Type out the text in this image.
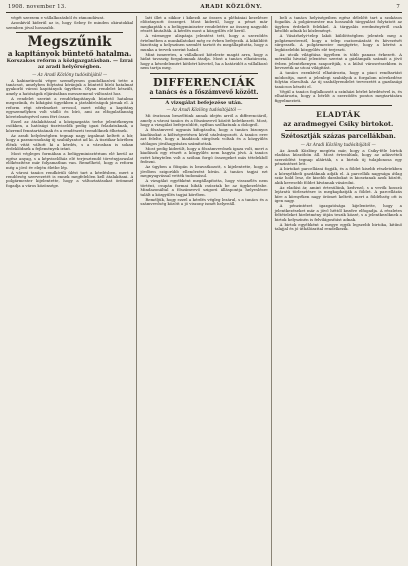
1908. november 13.	ARADI KÖZLÖNY.	7

végét szerzem e vállalkozásból és rámondáwat.

Azonkívül kiderül az is, hogy Sebey fe minden okiratokkal szemben jóval hosszabb.

Megszűnik
a kapitányok büntető hatalma.
Korszakos reform a közigazgatásban. — Izrai az aradi helyőrségben.
— Az Aradi Közlöny tudósítójától —

A kabinetirodá végre személyesen gondolkozóvá tette a tanácsot, amelyben folytatni kívánjuk a büntető bírói hatalmat gyakorló városi kapitányok ügyében. Olyan rendelet készült, amely a hatóságok eljárásában messzemenő változást hoz.

A rendelet szerint a rendőrkapitányok büntető hatalma megszűnik, és kihágási ügyekben a járásbíróságok járnak el. A reform régi sérelmeket orvosol, mert eddig a kapitány egyszemélyben volt vádló és bíró, ami az elfogulatlanság követelményével nem fért össze.

Ezzel az átalakítással a közigazgatás terhe jelentékenyen csökken, a hatósági tisztviselők pedig igazi feladatuknak, a közrend fenntartásának és a rendészeti teendőknek élhetnek.

Az aradi helyőrségben tegnap nagy izgalmat keltett a hír, hogy a parancsnokság új szabályzatot ad ki. A tisztikar körében élénk vitát váltott ki a kérdés, s a városban is sokan érdeklődnek a fejlemények iránt.

Most végleges formában a belügyminisztérium elé kerül az egész anyag, s a képviselőház elé terjesztendő törvényjavaslat előkészítése már folyamatban van. Remélhető, hogy a reform még a jövő év elején életbe lép.

A városi tanács rendkívüli ülést tart a kérdésben, mert a rendőrség szervezetét is ennek megfelelően kell átalakítani. A polgármester kijelentette, hogy a változtatásokat örömmel fogadja a város közönsége.

latt illet a sikkor i kikezdi az összes a plébániai kezelésre előirányzott összeget. Most kiderül, hogy a pénzt már megkapták s a belügyminiszter rendeletére az összeg nagyobb részét kiutalták. A kérdés most a közgyűlés elé kerül.

A vármegye alispánja jelentést tett, hogy a szerződés értelmében a munkálatokat még ez évben befejezik. A kiküldött bizottság a helyszínen szemlét tartott és megállapította, hogy a munka a tervek szerint halad.

Mint ismeretes, a vállalkozó kötelezte magát arra, hogy a hidat tavaszig forgalomnak átadja. Most a tanács elhatározta, hogy a késedelemért kötbért követel, ha a határidőt a vállalkozó nem tartja meg.

DIFFERENCIÁK
a tanács és a főszámvevő között.
A vizsgálat befejezése után.
— Az Aradi Közlöny tudósítójától —

Mi óvatosan beszéltünk annak idején arról a differenciáról, amely a városi tanács és a főszámvevő között keletkezett. Most, hogy a vizsgálat befejeződött, nyíltan szólhatunk a dologról.

A főszámvevő ugyanis kifogásolta, hogy a tanács bizonyos kiadásokat a költségvetésen kívül utalványozott. A tanács erre azt felelte, hogy a kiadások sürgősek voltak és a közgyűlés utólagos jóváhagyására számítottak.

Most pedig kiderült, hogy a főszámvevőnek igaza volt, mert a kiadások egy részét a közgyűlés nem hagyta jóvá. A tanács ezért kénytelen volt a szóban forgó összegeket más tételekből fedezni.

Az ügyben a főispán is beavatkozott, s kijelentette, hogy a jövőben szigorúbb ellenőrzést kíván. A tanács tagjai ezt megnyugvással vették tudomásul.

A vizsgálat egyébként megállapította, hogy visszaélés nem történt, csupán formai hibák csúsztak be az ügykezelésbe. Mindazonáltal a főszámvevő szigorú álláspontja helyeslésre talált a közgyűlés tagjai körében.

Reméljük, hogy ezzel a kérdés végleg lezárul, s a tanács és a számvevőség között a jó viszony ismét helyreáll.

beli a tanács helyiségeiben egész délelőtt tart a szokásos fogadás. A polgármester ma hosszabb tárgyalást folytatott az ügyben érdekelt felekkel. A tárgyalás eredményéről csak később adnak ki közleményt.

A Vásárhelyi-telep lakói küldöttségben jelentek meg a polgármesternél, hogy a telep csatornázását és kövezését sürgessék. A polgármester megígérte, hogy a kérést a legközelebbi közgyűlés elé terjeszti.

Az utcák világítása ügyében is több panasz érkezett. A mérnöki hivatal jelentése szerint a gázlámpák számát a jövő évben jelentékenyen szaporítják, s a külső városrészekben is bevezetik az utcai világítást.

A tanács ezenkívül elhatározta, hogy a piaci rendtartást módosítja, mert a jelenlegi szabályok a forgalom növekedése folytán elavultak. Az új szabályrendelet tervezetét a gazdasági tanácsos készíti el.

Végül a tanács foglalkozott a színházi bérlet kérdésével is, és elhatározta, hogy a bérlőt a szerződés pontos megtartására figyelmezteti.

ELADTÁK
az aradmegyei Csiky birtokot.
Szétosztják százas parcellákban.
— Az Aradi Közlöny tudósítójától —

Az Aradi Közlöny megírta már, hogy a Csiky-féle birtok eladása küszöbön áll. Most értesülünk, hogy az adásvételi szerződést tegnap aláírták, s a birtok új tulajdonosa egy pénzintézet lett.

A birtokot parcellázni fogják, és a földet kisebb részletekben a környékbeli gazdáknak adják el. A parcellák nagysága átlag száz hold lesz, de kisebb darabokat is kiosztanak azok között, akik kevesebb földet kívánnak vásárolni.

Az eladási ár, amint értesülünk, kedvező, s a vevők hosszú lejáratú törlesztésre is megkaphatják a földet. A parcellázás híre a környéken nagy örömet keltett, mert a földéhség ott is igen nagy.

A pénzintézet igazgatósága kijelentette, hogy a jelentkezéseket már a jövő héttől kezdve elfogadja. A részletes feltételeket hirdetmény útján teszik közzé, s a jelentkezőknek a birtok helyszínén is felvilágosítást adnak.

A birtok egyébként a megye egyik legszebb birtoka, kitűnő talajjal és jó úthálózattal rendelkezik.
